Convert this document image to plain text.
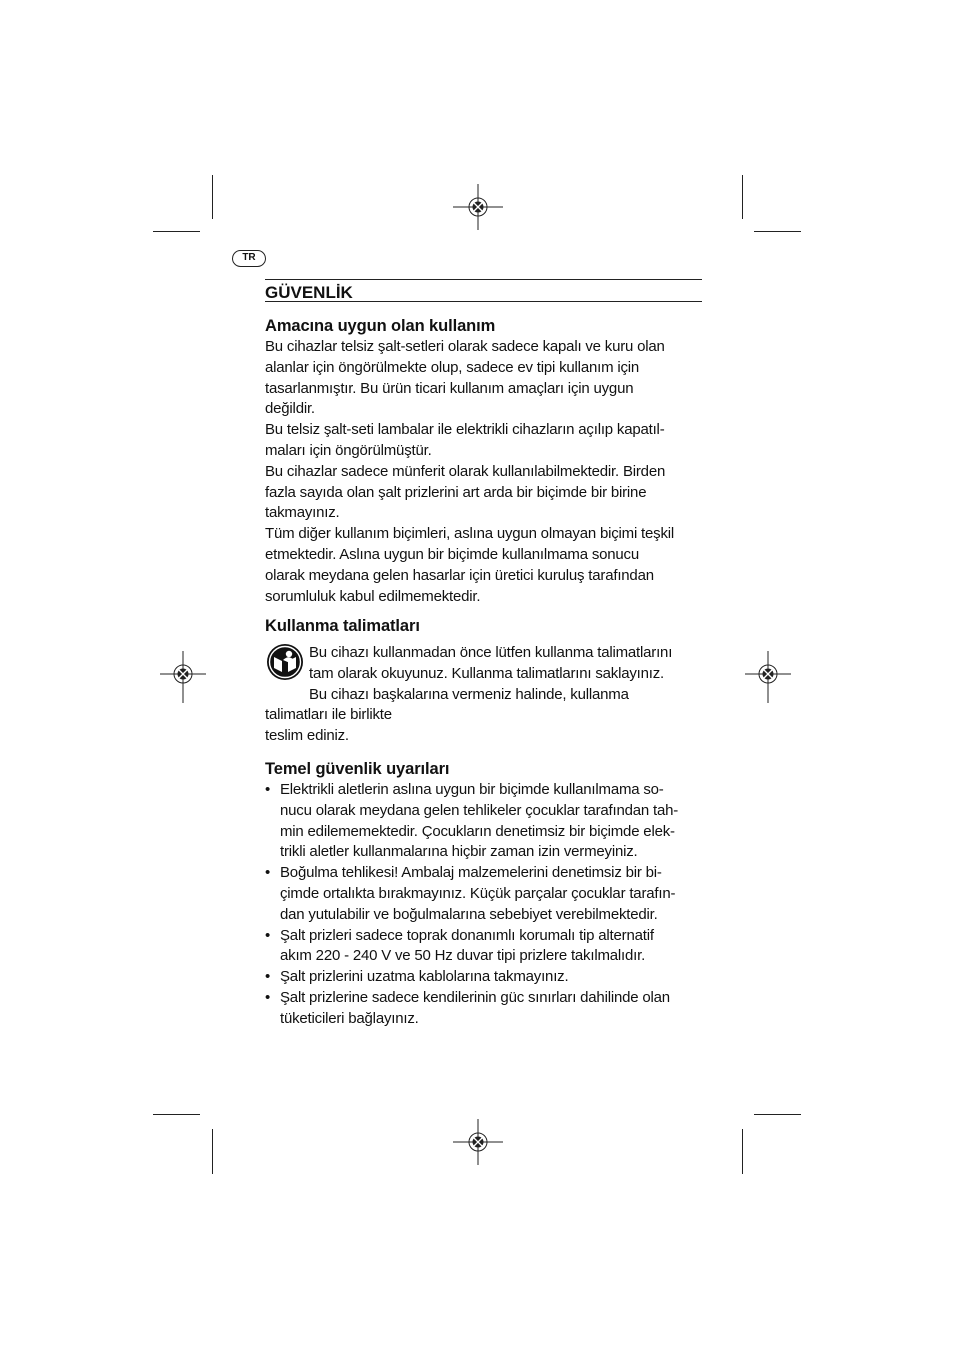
TR
GÜVENLİK
Amacına uygun olan kullanım

Bu cihazlar telsiz şalt-setleri olarak sadece kapalı ve kuru olan

alanlar için öngörülmekte olup, sadece ev tipi kullanım için

tasarlanmıştır. Bu ürün ticari kullanım amaçları için uygun

değildir.

Bu telsiz şalt-seti lambalar ile elektrikli cihazların açılıp kapatıl-

maları için öngörülmüştür.

Bu cihazlar sadece münferit olarak kullanılabilmektedir. Birden

fazla sayıda olan şalt prizlerini art arda bir biçimde bir birine

takmayınız.

Tüm diğer kullanım biçimleri, aslına uygun olmayan biçimi teşkil

etmektedir. Aslına uygun bir biçimde kullanılmama sonucu

olarak meydana gelen hasarlar için üretici kuruluş tarafından

sorumluluk kabul edilmemektedir.

Kullanma talimatları

Bu cihazı kullanmadan önce lütfen kullanma talimatlarını

tam olarak okuyunuz. Kullanma talimatlarını saklayınız.

Bu cihazı başkalarına vermeniz halinde, kullanma

talimatları ile birlikte

teslim ediniz.

Temel güvenlik uyarıları
• Elektrikli aletlerin aslına uygun bir biçimde kullanılmama so-
nucu olarak meydana gelen tehlikeler çocuklar tarafından tah-
min edilememektedir. Çocukların denetimsiz bir biçimde elek-
trikli aletler kullanmalarına hiçbir zaman izin vermeyiniz.
• Boğulma tehlikesi! Ambalaj malzemelerini denetimsiz bir bi-
çimde ortalıkta bırakmayınız. Küçük parçalar çocuklar tarafın-
dan yutulabilir ve boğulmalarına sebebiyet verebilmektedir.
• Şalt prizleri sadece toprak donanımlı korumalı tip alternatif
akım 220 - 240 V ve 50 Hz duvar tipi prizlere takılmalıdır.
• Şalt prizlerini uzatma kablolarına takmayınız.
• Şalt prizlerine sadece kendilerinin güc sınırları dahilinde olan
tüketicileri bağlayınız.
